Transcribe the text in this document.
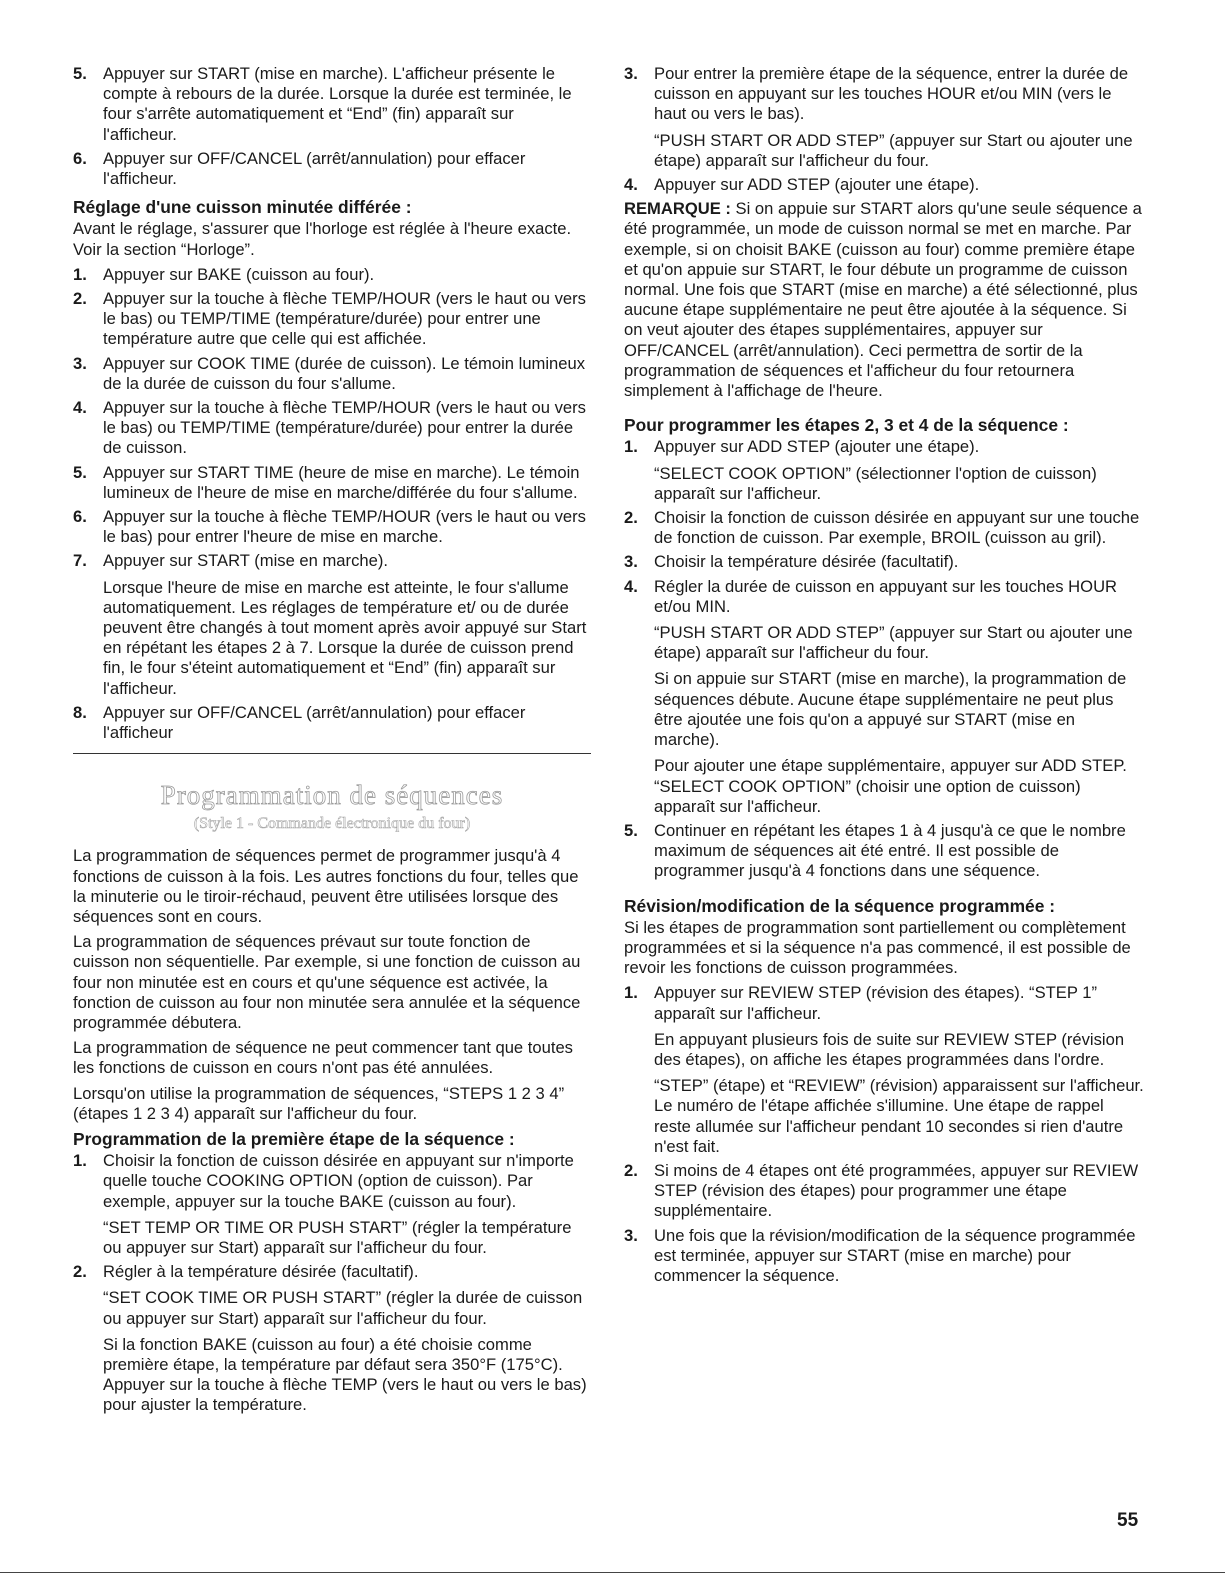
5. Appuyer sur START (mise en marche). L'afficheur présente le compte à rebours de la durée. Lorsque la durée est terminée, le four s'arrête automatiquement et “End” (fin) apparaît sur l'afficheur.

6. Appuyer sur OFF/CANCEL (arrêt/annulation) pour effacer l'afficheur.

Réglage d'une cuisson minutée différée :

Avant le réglage, s'assurer que l'horloge est réglée à l'heure exacte. Voir la section “Horloge”.

1. Appuyer sur BAKE (cuisson au four).

2. Appuyer sur la touche à flèche TEMP/HOUR (vers le haut ou vers le bas) ou TEMP/TIME (température/durée) pour entrer une température autre que celle qui est affichée.

3. Appuyer sur COOK TIME (durée de cuisson). Le témoin lumineux de la durée de cuisson du four s'allume.

4. Appuyer sur la touche à flèche TEMP/HOUR (vers le haut ou vers le bas) ou TEMP/TIME (température/durée) pour entrer la durée de cuisson.

5. Appuyer sur START TIME (heure de mise en marche). Le témoin lumineux de l'heure de mise en marche/différée du four s'allume.

6. Appuyer sur la touche à flèche TEMP/HOUR (vers le haut ou vers le bas) pour entrer l'heure de mise en marche.

7. Appuyer sur START (mise en marche).

Lorsque l'heure de mise en marche est atteinte, le four s'allume automatiquement. Les réglages de température et/ ou de durée peuvent être changés à tout moment après avoir appuyé sur Start en répétant les étapes 2 à 7. Lorsque la durée de cuisson prend fin, le four s'éteint automatiquement et “End” (fin) apparaît sur l'afficheur.

8. Appuyer sur OFF/CANCEL (arrêt/annulation) pour effacer l'afficheur

Programmation de séquences
(Style 1 - Commande électronique du four)

La programmation de séquences permet de programmer jusqu'à 4 fonctions de cuisson à la fois. Les autres fonctions du four, telles que la minuterie ou le tiroir-réchaud, peuvent être utilisées lorsque des séquences sont en cours.

La programmation de séquences prévaut sur toute fonction de cuisson non séquentielle. Par exemple, si une fonction de cuisson au four non minutée est en cours et qu'une séquence est activée, la fonction de cuisson au four non minutée sera annulée et la séquence programmée débutera.

La programmation de séquence ne peut commencer tant que toutes les fonctions de cuisson en cours n'ont pas été annulées.

Lorsqu'on utilise la programmation de séquences, “STEPS 1 2 3 4” (étapes 1 2 3 4) apparaît sur l'afficheur du four.

Programmation de la première étape de la séquence :
1. Choisir la fonction de cuisson désirée en appuyant sur n'importe quelle touche COOKING OPTION (option de cuisson). Par exemple, appuyer sur la touche BAKE (cuisson au four).

“SET TEMP OR TIME OR PUSH START” (régler la température ou appuyer sur Start) apparaît sur l'afficheur du four.

2. Régler à la température désirée (facultatif).

“SET COOK TIME OR PUSH START” (régler la durée de cuisson ou appuyer sur Start) apparaît sur l'afficheur du four.

Si la fonction BAKE (cuisson au four) a été choisie comme première étape, la température par défaut sera 350°F (175°C). Appuyer sur la touche à flèche TEMP (vers le haut ou vers le bas) pour ajuster la température.

3. Pour entrer la première étape de la séquence, entrer la durée de cuisson en appuyant sur les touches HOUR et/ou MIN (vers le haut ou vers le bas).

“PUSH START OR ADD STEP” (appuyer sur Start ou ajouter une étape) apparaît sur l'afficheur du four.

4. Appuyer sur ADD STEP (ajouter une étape).

REMARQUE : Si on appuie sur START alors qu'une seule séquence a été programmée, un mode de cuisson normal se met en marche. Par exemple, si on choisit BAKE (cuisson au four) comme première étape et qu'on appuie sur START, le four débute un programme de cuisson normal. Une fois que START (mise en marche) a été sélectionné, plus aucune étape supplémentaire ne peut être ajoutée à la séquence. Si on veut ajouter des étapes supplémentaires, appuyer sur OFF/CANCEL (arrêt/annulation). Ceci permettra de sortir de la programmation de séquences et l'afficheur du four retournera simplement à l'affichage de l'heure.

Pour programmer les étapes 2, 3 et 4 de la séquence :
1. Appuyer sur ADD STEP (ajouter une étape).

“SELECT COOK OPTION” (sélectionner l'option de cuisson) apparaît sur l'afficheur.

2. Choisir la fonction de cuisson désirée en appuyant sur une touche de fonction de cuisson. Par exemple, BROIL (cuisson au gril).

3. Choisir la température désirée (facultatif).

4. Régler la durée de cuisson en appuyant sur les touches HOUR et/ou MIN.

“PUSH START OR ADD STEP” (appuyer sur Start ou ajouter une étape) apparaît sur l'afficheur du four.

Si on appuie sur START (mise en marche), la programmation de séquences débute. Aucune étape supplémentaire ne peut plus être ajoutée une fois qu'on a appuyé sur START (mise en marche).

Pour ajouter une étape supplémentaire, appuyer sur ADD STEP. “SELECT COOK OPTION” (choisir une option de cuisson) apparaît sur l'afficheur.

5. Continuer en répétant les étapes 1 à 4 jusqu'à ce que le nombre maximum de séquences ait été entré. Il est possible de programmer jusqu'à 4 fonctions dans une séquence.

Révision/modification de la séquence programmée :

Si les étapes de programmation sont partiellement ou complètement programmées et si la séquence n'a pas commencé, il est possible de revoir les fonctions de cuisson programmées.

1. Appuyer sur REVIEW STEP (révision des étapes). “STEP 1” apparaît sur l'afficheur.

En appuyant plusieurs fois de suite sur REVIEW STEP (révision des étapes), on affiche les étapes programmées dans l'ordre.

“STEP” (étape) et “REVIEW” (révision) apparaissent sur l'afficheur. Le numéro de l'étape affichée s'illumine. Une étape de rappel reste allumée sur l'afficheur pendant 10 secondes si rien d'autre n'est fait.

2. Si moins de 4 étapes ont été programmées, appuyer sur REVIEW STEP (révision des étapes) pour programmer une étape supplémentaire.

3. Une fois que la révision/modification de la séquence programmée est terminée, appuyer sur START (mise en marche) pour commencer la séquence.

55
